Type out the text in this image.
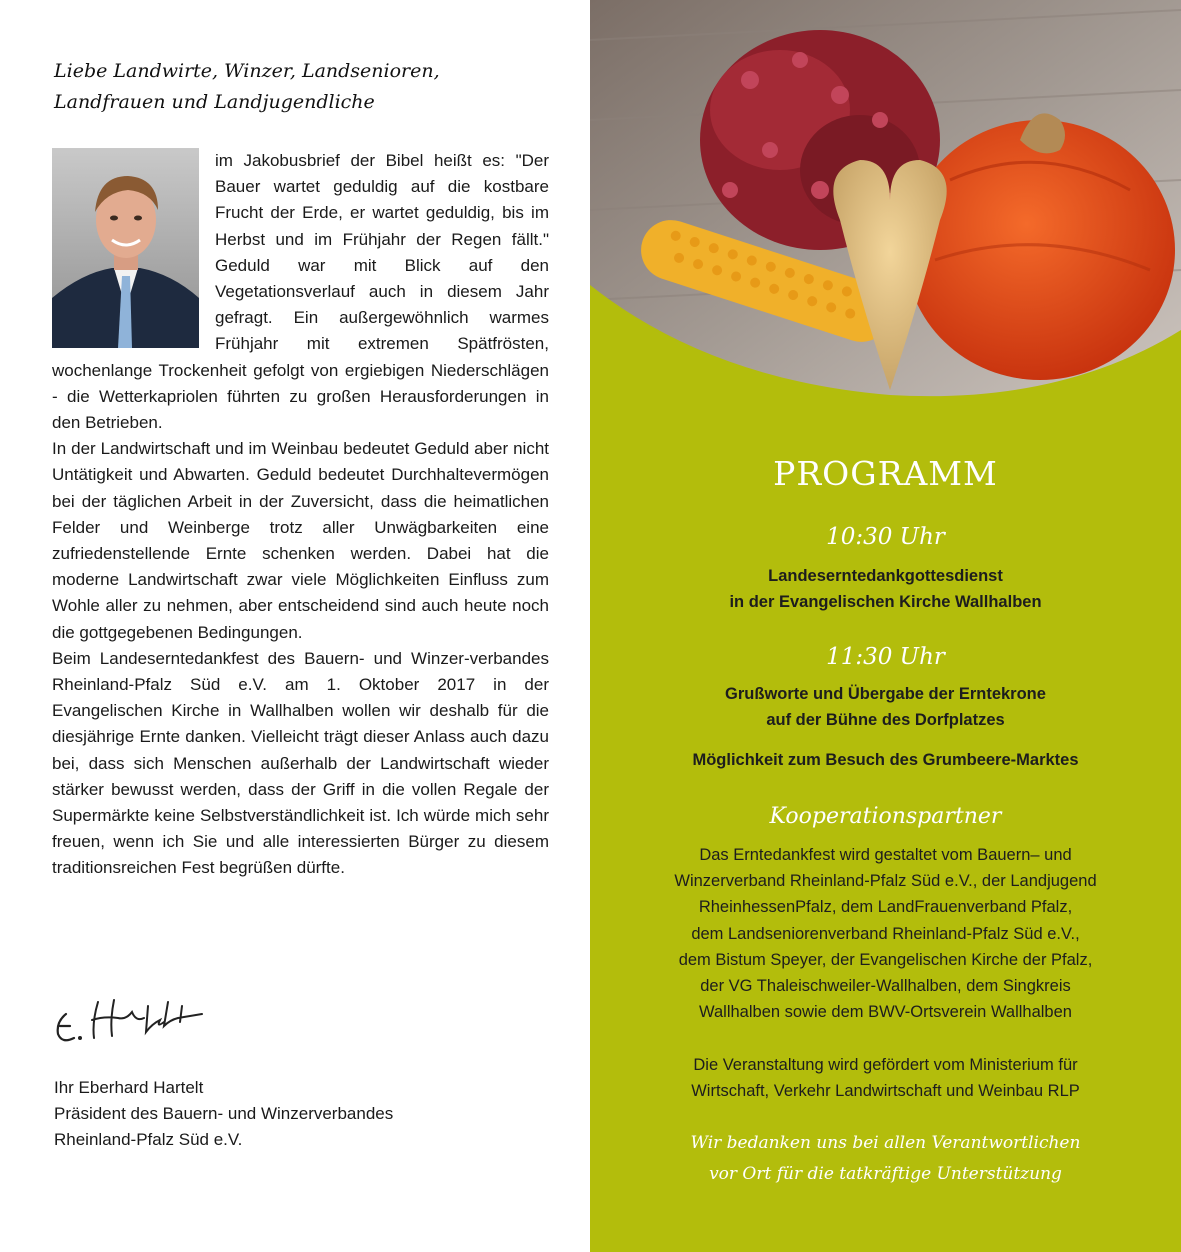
Liebe Landwirte, Winzer, Landsenioren,
Landfrauen und Landjugendliche

im Jakobusbrief der Bibel heißt es: "Der Bauer wartet geduldig auf die kostbare Frucht der Erde, er wartet geduldig, bis im Herbst und im Frühjahr der Regen fällt." Geduld war mit Blick auf den Vegetationsverlauf auch in diesem Jahr gefragt. Ein außergewöhnlich warmes Frühjahr mit extremen Spätfrösten, wochenlange Trockenheit gefolgt von ergiebigen Niederschlägen - die Wetterkapriolen führten zu großen Herausforderungen in den Betrieben.

In der Landwirtschaft und im Weinbau bedeutet Geduld aber nicht Untätigkeit und Abwarten. Geduld bedeutet Durchhaltevermögen bei der täglichen Arbeit in der Zuversicht, dass die heimatlichen Felder und Weinberge trotz aller Unwägbarkeiten eine zufriedenstellende Ernte schenken werden. Dabei hat die moderne Landwirtschaft zwar viele Möglichkeiten Einfluss zum Wohle aller zu nehmen, aber entscheidend sind auch heute noch die gottgegebenen Bedingungen.

Beim Landeserntedankfest des Bauern- und Winzer-verbandes Rheinland-Pfalz Süd e.V. am 1. Oktober 2017 in der Evangelischen Kirche in Wallhalben wollen wir deshalb für die diesjährige Ernte danken. Vielleicht trägt dieser Anlass auch dazu bei, dass sich Menschen außerhalb der Landwirtschaft wieder stärker bewusst werden, dass der Griff in die vollen Regale der Supermärkte keine Selbstverständlichkeit ist. Ich würde mich sehr freuen, wenn ich Sie und alle interessierten Bürger zu diesem traditionsreichen Fest begrüßen dürfte.

Ihr Eberhard Hartelt
Präsident des Bauern- und Winzerverbandes
Rheinland-Pfalz Süd e.V.
PROGRAMM
10:30 Uhr
Landeserntedankgottesdienst
in der Evangelischen Kirche Wallhalben
11:30 Uhr
Grußworte und Übergabe der Erntekrone
auf der Bühne des Dorfplatzes
Möglichkeit zum Besuch des Grumbeere-Marktes
Kooperationspartner
Das Erntedankfest wird gestaltet vom Bauern– und
Winzerverband Rheinland-Pfalz Süd e.V., der Landjugend
RheinhessenPfalz, dem LandFrauenverband Pfalz,
dem Landseniorenverband Rheinland-Pfalz Süd e.V.,
dem Bistum Speyer, der Evangelischen Kirche der Pfalz,
der VG Thaleischweiler-Wallhalben, dem Singkreis
Wallhalben sowie dem BWV-Ortsverein Wallhalben
Die Veranstaltung wird gefördert vom Ministerium für
Wirtschaft, Verkehr Landwirtschaft und Weinbau RLP
Wir bedanken uns bei allen Verantwortlichen
vor Ort für die tatkräftige Unterstützung
